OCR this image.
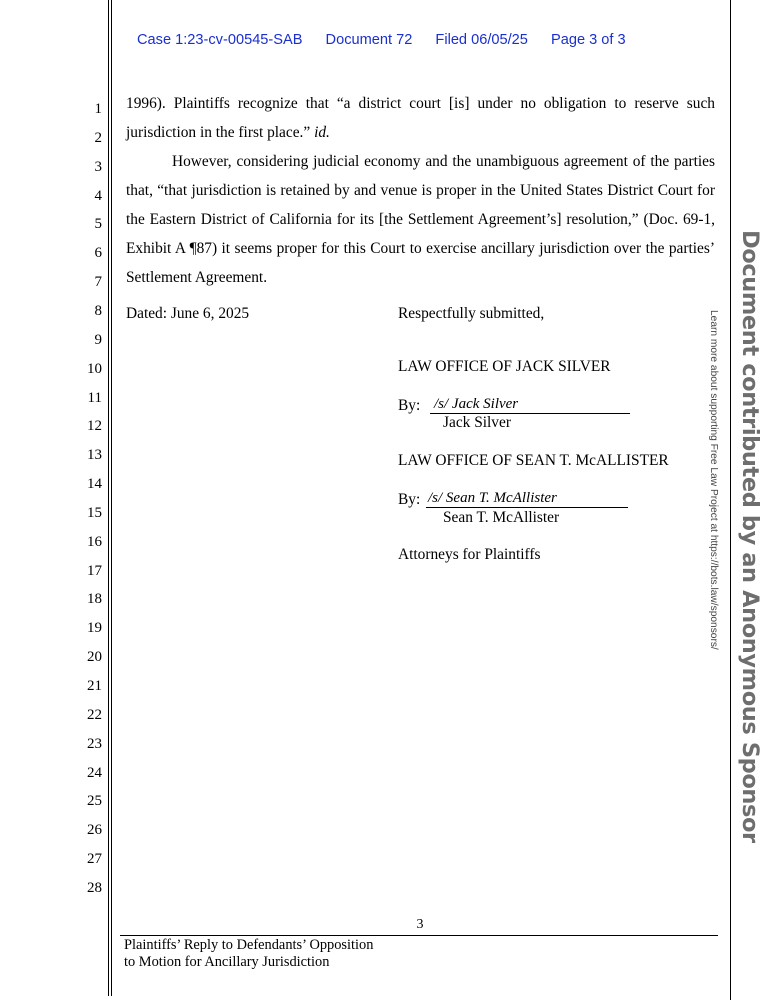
Case 1:23-cv-00545-SAB Document 72 Filed 06/05/25 Page 3 of 3
1
2
3
4
5
6
7
8
9
10
11
12
13
14
15
16
17
18
19
20
21
22
23
24
25
26
27
28

1996). Plaintiffs recognize that “a district court [is] under no obligation to reserve such jurisdiction in the first place.” id.

However, considering judicial economy and the unambiguous agreement of the parties that, “that jurisdiction is retained by and venue is proper in the United States District Court for the Eastern District of California for its [the Settlement Agreement’s] resolution,” (Doc. 69-1, Exhibit A ¶87) it seems proper for this Court to exercise ancillary jurisdiction over the parties’ Settlement Agreement.

Dated: June 6, 2025	Respectfully submitted,
LAW OFFICE OF JACK SILVER
By: /s/ Jack Silver
Jack Silver
LAW OFFICE OF SEAN T. McALLISTER
By: /s/ Sean T. McAllister
Sean T. McAllister
Attorneys for Plaintiffs
3
Plaintiffs’ Reply to Defendants’ Opposition
to Motion for Ancillary Jurisdiction
Document contributed by an Anonymous Sponsor
Learn more about supporting Free Law Project at https://bots.law/sponsors/
